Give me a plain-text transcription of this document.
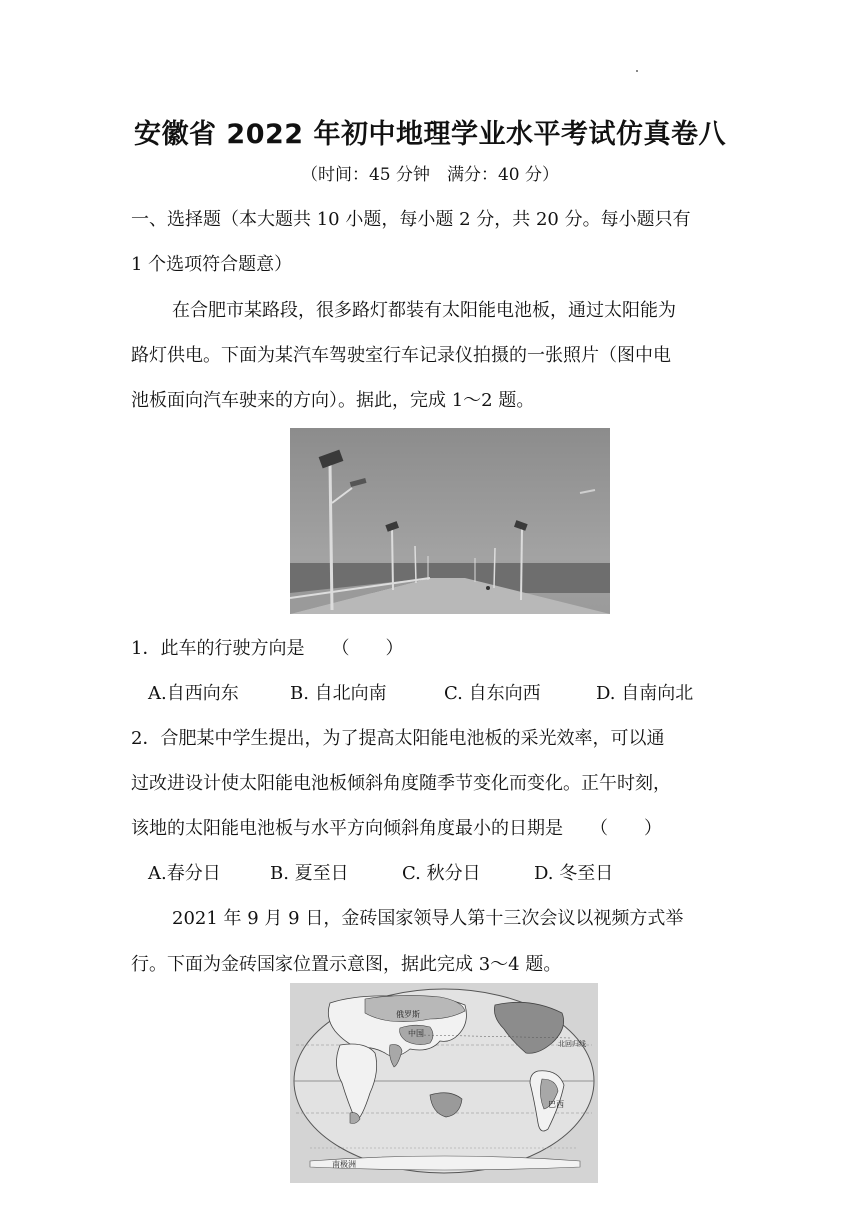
安徽省 2022 年初中地理学业水平考试仿真卷八
（时间：45 分钟　满分：40 分）
一、选择题（本大题共 10 小题，每小题 2 分，共 20 分。每小题只有
1 个选项符合题意）
在合肥市某路段，很多路灯都装有太阳能电池板，通过太阳能为
路灯供电。下面为某汽车驾驶室行车记录仪拍摄的一张照片（图中电
池板面向汽车驶来的方向）。据此，完成 1～2 题。
1．此车的行驶方向是　　（　　）
A.自西向东	B. 自北向南	C. 自东向西	D. 自南向北
2．合肥某中学生提出，为了提高太阳能电池板的采光效率，可以通
过改进设计使太阳能电池板倾斜角度随季节变化而变化。正午时刻，
该地的太阳能电池板与水平方向倾斜角度最小的日期是　　（　　）
A.春分日	B. 夏至日	C. 秋分日	D. 冬至日
2021 年 9 月 9 日，金砖国家领导人第十三次会议以视频方式举
行。下面为金砖国家位置示意图，据此完成 3～4 题。
俄罗斯
中国
巴西
南极洲
北回归线
